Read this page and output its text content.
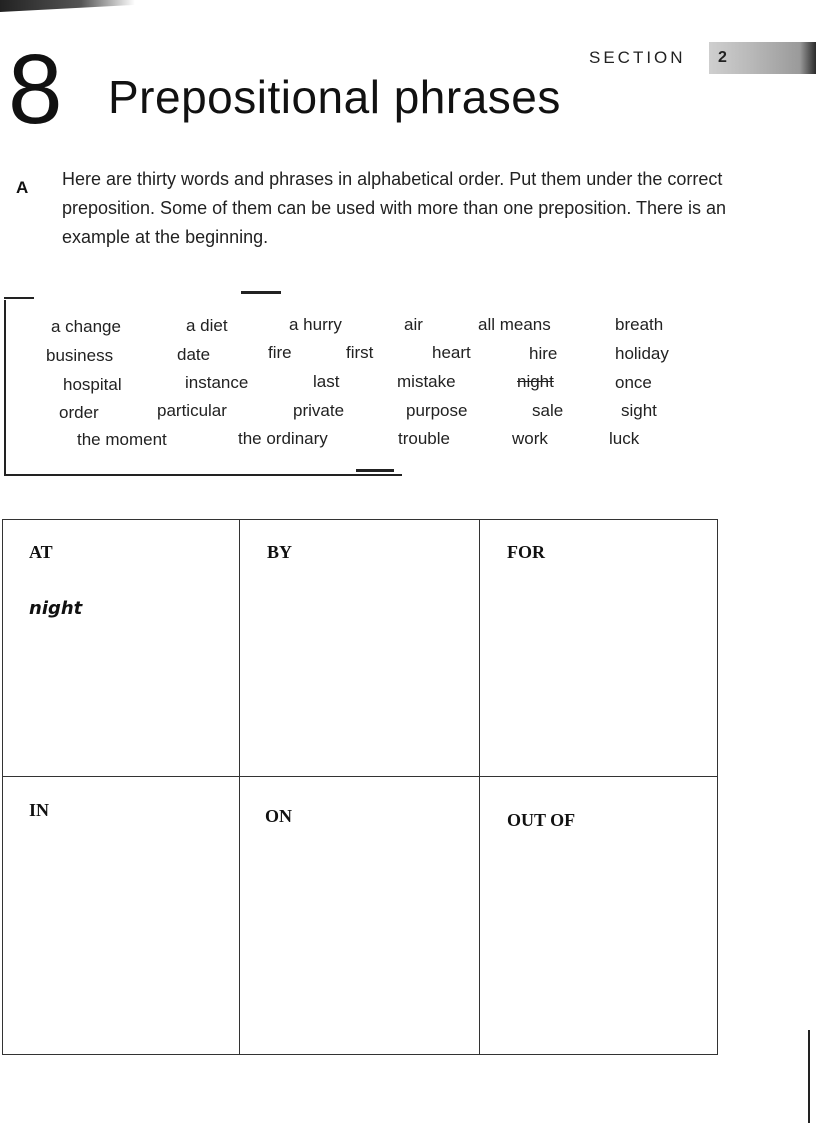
SECTION	2
8 Prepositional phrases
A Here are thirty words and phrases in alphabetical order. Put them under the correct preposition. Some of them can be used with more than one preposition. There is an example at the beginning.
a change	a diet	a hurry	air	all means	breath
business	date	fire	first	heart	hire	holiday
hospital	instance	last	mistake	night	once
order	particular	private	purpose	sale	sight
the moment	the ordinary	trouble	work	luck
AT	BY	FOR
night
IN	ON	OUT OF
